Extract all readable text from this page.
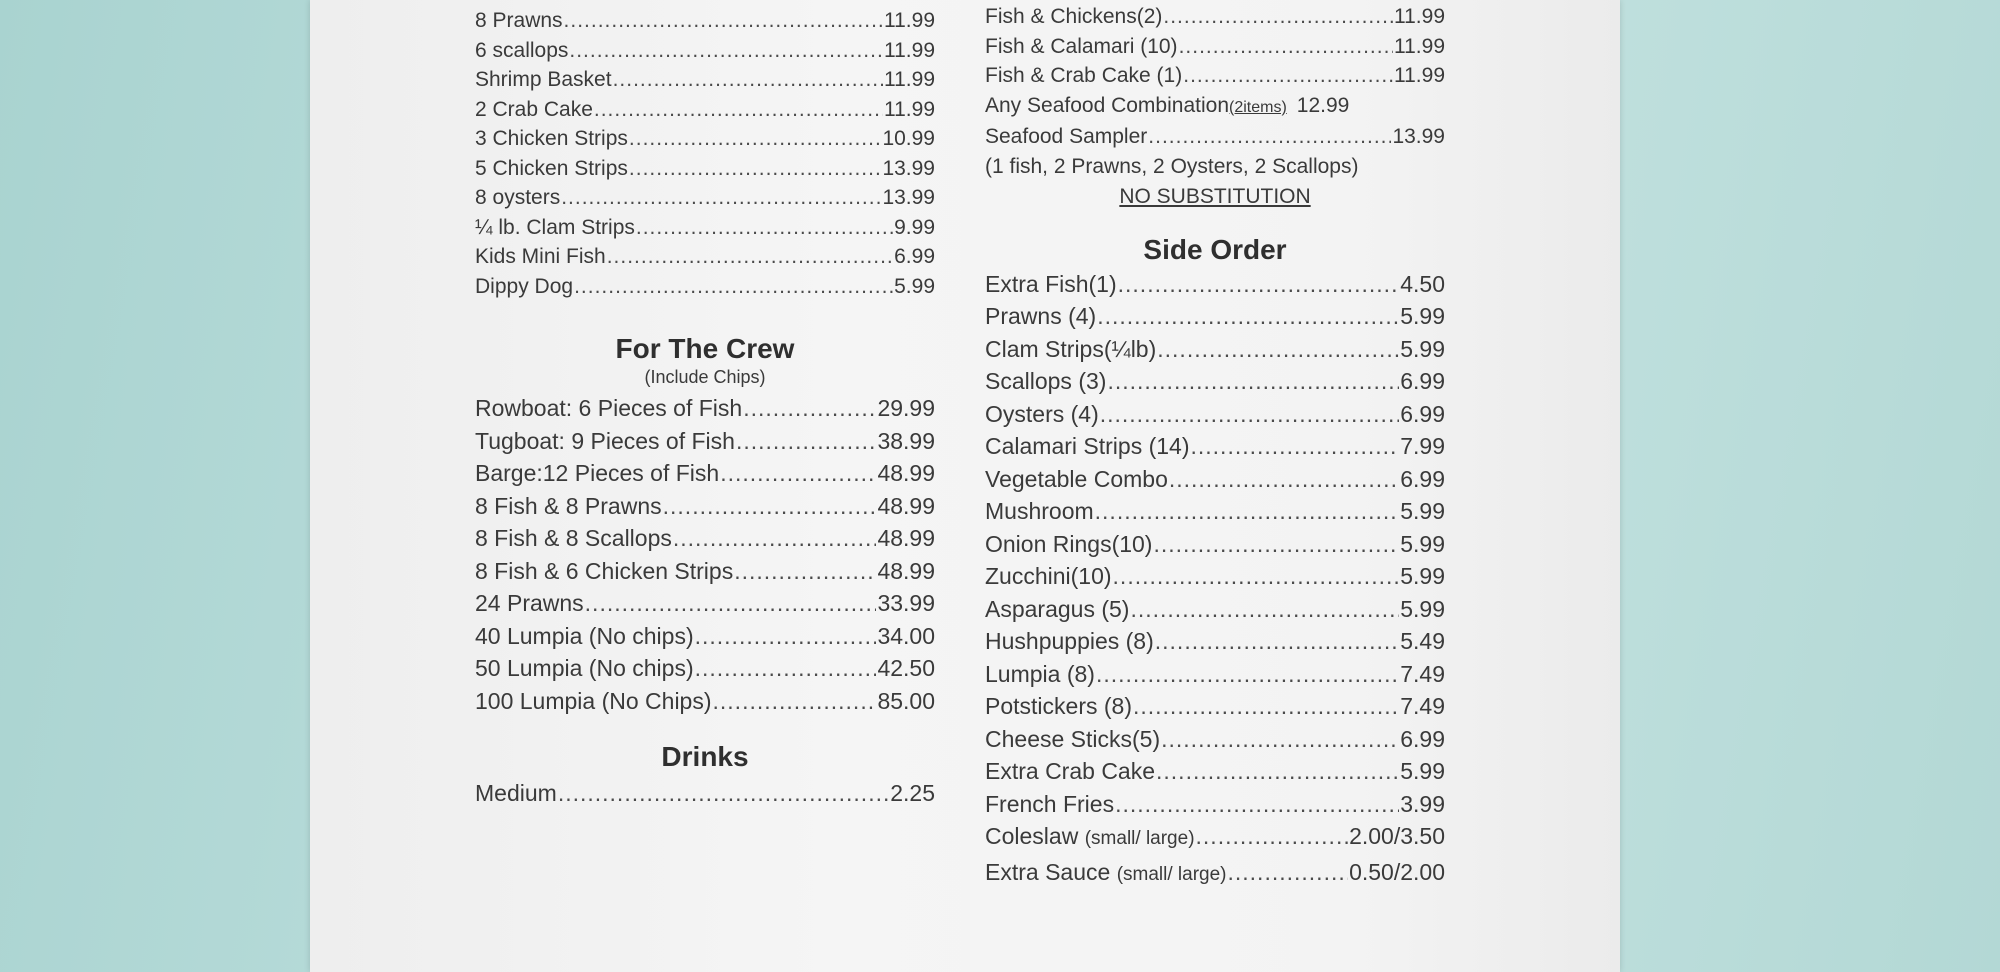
8 Prawns .....	11.99
6 scallops .....	11.99
Shrimp Basket .....	11.99
2 Crab Cake .....	11.99
3 Chicken Strips .....	10.99
5 Chicken Strips .....	13.99
8 oysters .....	13.99
¼ lb. Clam Strips .....	9.99
Kids Mini Fish .....	6.99
Dippy Dog .....	5.99
For The Crew
(Include Chips)
Rowboat: 6 Pieces of Fish .....	29.99
Tugboat: 9 Pieces of Fish .....	38.99
Barge:12 Pieces of Fish .....	48.99
8 Fish & 8 Prawns .....	48.99
8 Fish & 8 Scallops .....	48.99
8 Fish & 6 Chicken Strips .....	48.99
24 Prawns .....	33.99
40 Lumpia (No chips) .....	34.00
50 Lumpia (No chips) .....	42.50
100 Lumpia (No Chips) .....	85.00
Drinks
Medium .....	2.25
Fish & Chickens(2) .....	11.99
Fish & Calamari (10) .....	11.99
Fish & Crab Cake (1) .....	11.99
Any Seafood Combination (2items) 12.99
Seafood Sampler .....	13.99
(1 fish, 2 Prawns, 2 Oysters, 2 Scallops)
NO SUBSTITUTION
Side Order
Extra Fish(1) .....	4.50
Prawns (4) .....	5.99
Clam Strips(¼lb) .....	5.99
Scallops (3) .....	6.99
Oysters (4) .....	6.99
Calamari Strips (14) .....	7.99
Vegetable Combo .....	6.99
Mushroom .....	5.99
Onion Rings(10) .....	5.99
Zucchini(10) .....	5.99
Asparagus (5) .....	5.99
Hushpuppies (8) .....	5.49
Lumpia (8) .....	7.49
Potstickers (8) .....	7.49
Cheese Sticks(5) .....	6.99
Extra Crab Cake .....	5.99
French Fries .....	3.99
Coleslaw
(small/ large) .....	2.00/3.50
Extra Sauce
(small/ large) .....	0.50/2.00
